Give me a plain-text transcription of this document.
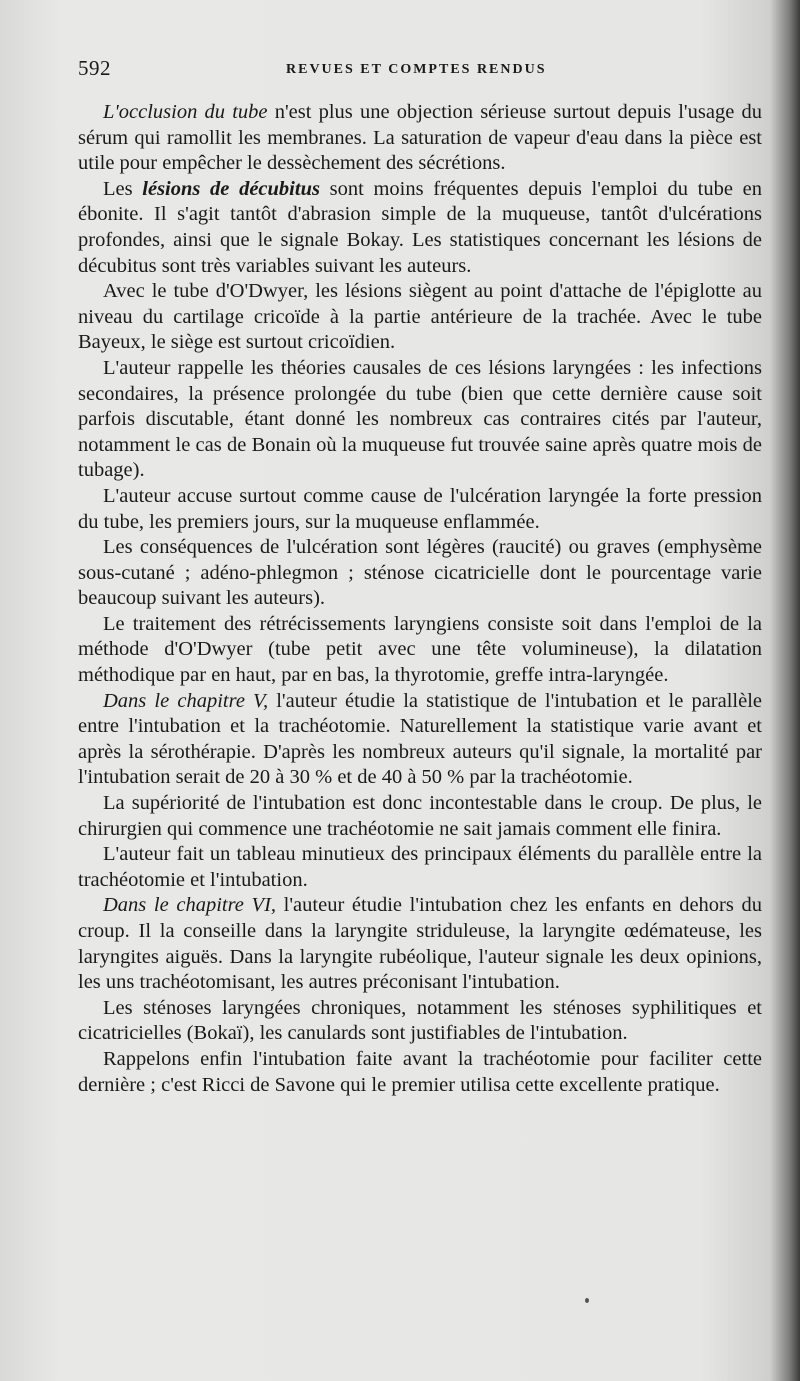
592	REVUES ET COMPTES RENDUS

L'occlusion du tube n'est plus une objection sérieuse surtout depuis l'usage du sérum qui ramollit les membranes. La saturation de vapeur d'eau dans la pièce est utile pour empêcher le dessèchement des sécrétions.

Les lésions de décubitus sont moins fréquentes depuis l'emploi du tube en ébonite. Il s'agit tantôt d'abrasion simple de la muqueuse, tantôt d'ulcérations profondes, ainsi que le signale Bokay. Les statistiques concernant les lésions de décubitus sont très variables suivant les auteurs.

Avec le tube d'O'Dwyer, les lésions siègent au point d'attache de l'épiglotte au niveau du cartilage cricoïde à la partie antérieure de la trachée. Avec le tube Bayeux, le siège est surtout cricoïdien.

L'auteur rappelle les théories causales de ces lésions laryngées : les infections secondaires, la présence prolongée du tube (bien que cette dernière cause soit parfois discutable, étant donné les nombreux cas contraires cités par l'auteur, notamment le cas de Bonain où la muqueuse fut trouvée saine après quatre mois de tubage).

L'auteur accuse surtout comme cause de l'ulcération laryngée la forte pression du tube, les premiers jours, sur la muqueuse enflammée.

Les conséquences de l'ulcération sont légères (raucité) ou graves (emphysème sous-cutané ; adéno-phlegmon ; sténose cicatricielle dont le pourcentage varie beaucoup suivant les auteurs).

Le traitement des rétrécissements laryngiens consiste soit dans l'emploi de la méthode d'O'Dwyer (tube petit avec une tête volumineuse), la dilatation méthodique par en haut, par en bas, la thyrotomie, greffe intra-laryngée.

Dans le chapitre V, l'auteur étudie la statistique de l'intubation et le parallèle entre l'intubation et la trachéotomie. Naturellement la statistique varie avant et après la sérothérapie. D'après les nombreux auteurs qu'il signale, la mortalité par l'intubation serait de 20 à 30 % et de 40 à 50 % par la trachéotomie.

La supériorité de l'intubation est donc incontestable dans le croup. De plus, le chirurgien qui commence une trachéotomie ne sait jamais comment elle finira.

L'auteur fait un tableau minutieux des principaux éléments du parallèle entre la trachéotomie et l'intubation.

Dans le chapitre VI, l'auteur étudie l'intubation chez les enfants en dehors du croup. Il la conseille dans la laryngite striduleuse, la laryngite œdémateuse, les laryngites aiguës. Dans la laryngite rubéolique, l'auteur signale les deux opinions, les uns trachéotomisant, les autres préconisant l'intubation.

Les sténoses laryngées chroniques, notamment les sténoses syphilitiques et cicatricielles (Bokaï), les canulards sont justifiables de l'intubation.

Rappelons enfin l'intubation faite avant la trachéotomie pour faciliter cette dernière ; c'est Ricci de Savone qui le premier utilisa cette excellente pratique.
